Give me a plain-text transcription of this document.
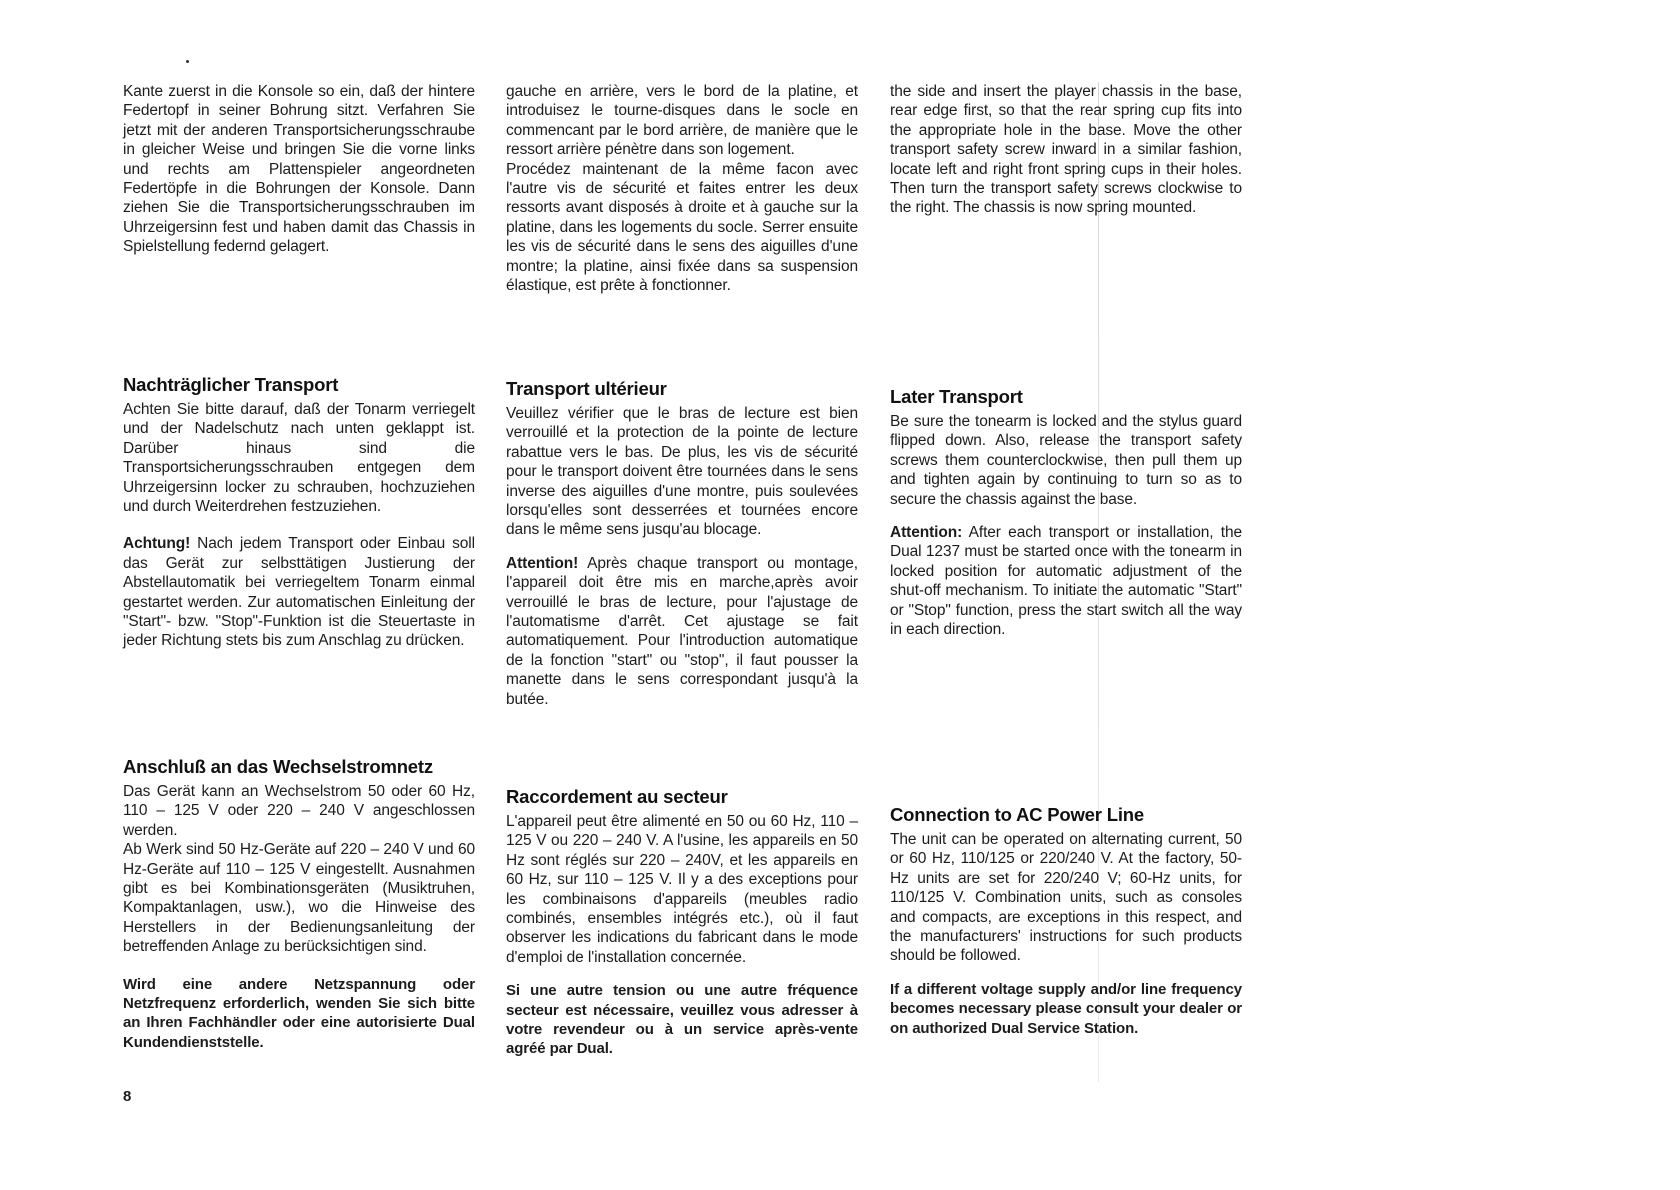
Kante zuerst in die Konsole so ein, daß der hintere Federtopf in seiner Bohrung sitzt. Verfahren Sie jetzt mit der anderen Transportsicherungsschraube in gleicher Weise und bringen Sie die vorne links und rechts am Plattenspieler angeordneten Federtöpfe in die Bohrungen der Konsole. Dann ziehen Sie die Transportsicherungsschrauben im Uhrzeigersinn fest und haben damit das Chassis in Spielstellung federnd gelagert.

Nachträglicher Transport

Achten Sie bitte darauf, daß der Tonarm verriegelt und der Nadelschutz nach unten geklappt ist. Darüber hinaus sind die Transportsicherungsschrauben entgegen dem Uhrzeigersinn locker zu schrauben, hochzuziehen und durch Weiterdrehen festzuziehen.

Achtung! Nach jedem Transport oder Einbau soll das Gerät zur selbsttätigen Justierung der Abstellautomatik bei verriegeltem Tonarm einmal gestartet werden. Zur automatischen Einleitung der "Start"- bzw. "Stop"-Funktion ist die Steuertaste in jeder Richtung stets bis zum Anschlag zu drücken.

Anschluß an das Wechselstromnetz

Das Gerät kann an Wechselstrom 50 oder 60 Hz, 110 – 125 V oder 220 – 240 V angeschlossen werden.

Ab Werk sind 50 Hz-Geräte auf 220 – 240 V und 60 Hz-Geräte auf 110 – 125 V eingestellt. Ausnahmen gibt es bei Kombinationsgeräten (Musiktruhen, Kompaktanlagen, usw.), wo die Hinweise des Herstellers in der Bedienungsanleitung der betreffenden Anlage zu berücksichtigen sind.

Wird eine andere Netzspannung oder Netzfrequenz erforderlich, wenden Sie sich bitte an Ihren Fachhändler oder eine autorisierte Dual Kundendienststelle.

gauche en arrière, vers le bord de la platine, et introduisez le tourne-disques dans le socle en commencant par le bord arrière, de manière que le ressort arrière pénètre dans son logement.

Procédez maintenant de la même facon avec l'autre vis de sécurité et faites entrer les deux ressorts avant disposés à droite et à gauche sur la platine, dans les logements du socle. Serrer ensuite les vis de sécurité dans le sens des aiguilles d'une montre; la platine, ainsi fixée dans sa suspension élastique, est prête à fonctionner.

Transport ultérieur

Veuillez vérifier que le bras de lecture est bien verrouillé et la protection de la pointe de lecture rabattue vers le bas. De plus, les vis de sécurité pour le transport doivent être tournées dans le sens inverse des aiguilles d'une montre, puis soulevées lorsqu'elles sont desserrées et tournées encore dans le même sens jusqu'au blocage.

Attention! Après chaque transport ou montage, l'appareil doit être mis en marche,après avoir verrouillé le bras de lecture, pour l'ajustage de l'automatisme d'arrêt. Cet ajustage se fait automatiquement. Pour l'introduction automatique de la fonction "start" ou "stop", il faut pousser la manette dans le sens correspondant jusqu'à la butée.

Raccordement au secteur

L'appareil peut être alimenté en 50 ou 60 Hz, 110 – 125 V ou 220 – 240 V. A l'usine, les appareils en 50 Hz sont réglés sur 220 – 240V, et les appareils en 60 Hz, sur 110 – 125 V. Il y a des exceptions pour les combinaisons d'appareils (meubles radio combinés, ensembles intégrés etc.), où il faut observer les indications du fabricant dans le mode d'emploi de l'installation concernée.

Si une autre tension ou une autre fréquence secteur est nécessaire, veuillez vous adresser à votre revendeur ou à un service après-vente agréé par Dual.

the side and insert the player chassis in the base, rear edge first, so that the rear spring cup fits into the appropriate hole in the base. Move the other transport safety screw inward in a similar fashion, locate left and right front spring cups in their holes. Then turn the transport safety screws clockwise to the right. The chassis is now spring mounted.

Later Transport

Be sure the tonearm is locked and the stylus guard flipped down. Also, release the transport safety screws them counterclockwise, then pull them up and tighten again by continuing to turn so as to secure the chassis against the base.

Attention: After each transport or installation, the Dual 1237 must be started once with the tonearm in locked position for automatic adjustment of the shut-off mechanism. To initiate the automatic "Start" or "Stop" function, press the start switch all the way in each direction.

Connection to AC Power Line

The unit can be operated on alternating current, 50 or 60 Hz, 110/125 or 220/240 V. At the factory, 50-Hz units are set for 220/240 V; 60-Hz units, for 110/125 V. Combination units, such as consoles and compacts, are exceptions in this respect, and the manufacturers' instructions for such products should be followed.

If a different voltage supply and/or line frequency becomes necessary please consult your dealer or on authorized Dual Service Station.

8
